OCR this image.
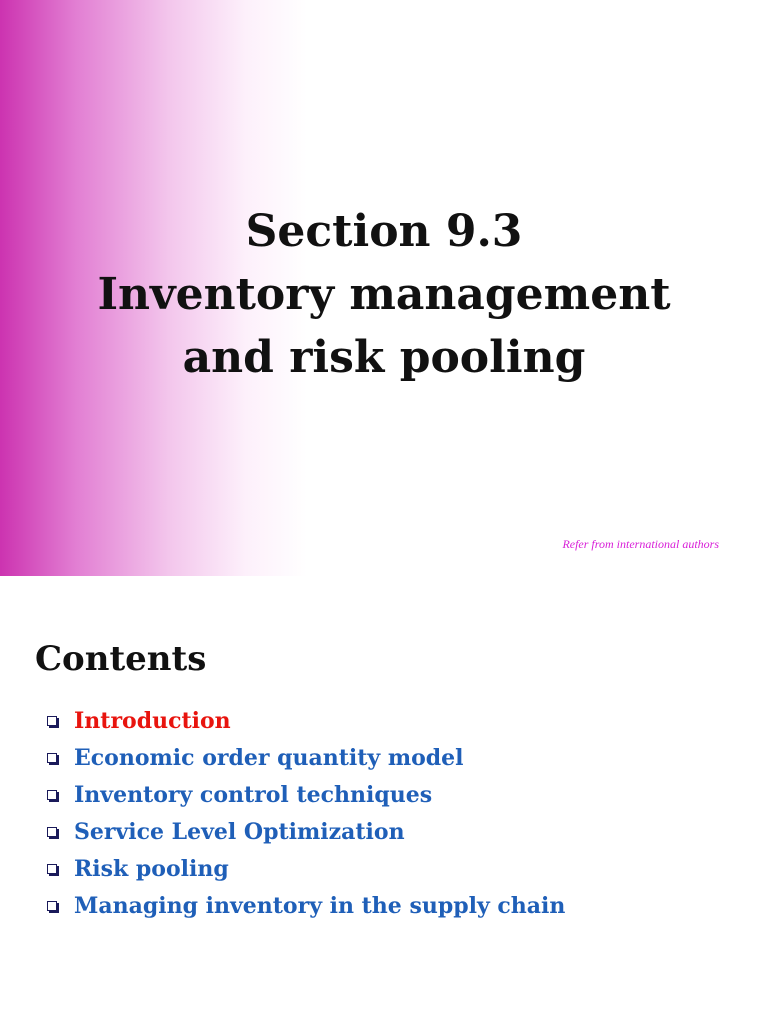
Section 9.3
Inventory management
and risk pooling
Refer from international authors
Contents
Introduction
Economic order quantity model
Inventory control techniques
Service Level Optimization
Risk pooling
Managing inventory in the supply chain
